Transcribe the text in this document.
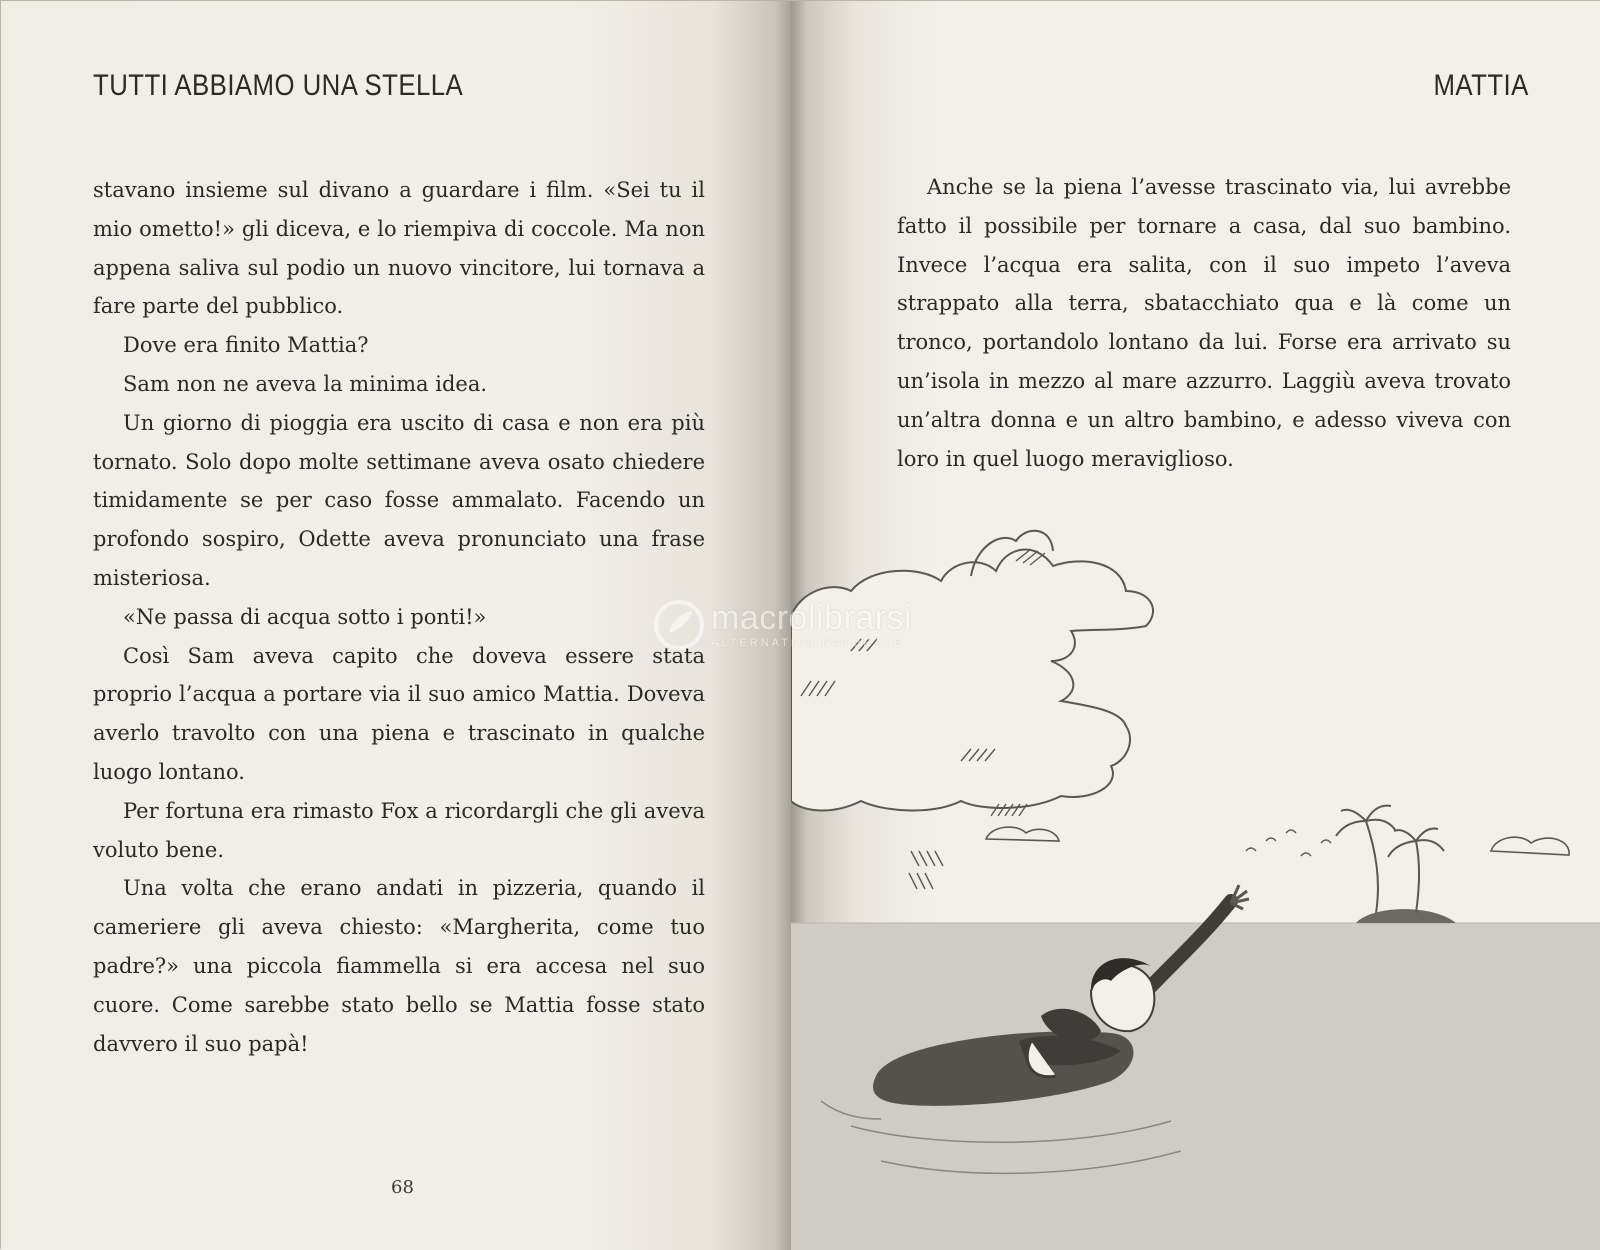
TUTTI ABBIAMO UNA STELLA

stavano insieme sul divano a guardare i film. «Sei tu il mio ometto!» gli diceva, e lo riempiva di coccole. Ma non appena saliva sul podio un nuovo vincitore, lui tornava a fare parte del pubblico.

Dove era finito Mattia?

Sam non ne aveva la minima idea.

Un giorno di pioggia era uscito di casa e non era più tornato. Solo dopo molte settimane aveva osato chiedere timidamente se per caso fosse ammalato. Facendo un profondo sospiro, Odette aveva pronunciato una frase misteriosa.

«Ne passa di acqua sotto i ponti!»

Così Sam aveva capito che doveva essere stata proprio l’acqua a portare via il suo amico Mattia. Doveva averlo travolto con una piena e trascinato in qualche luogo lontano.

Per fortuna era rimasto Fox a ricordargli che gli aveva voluto bene.

Una volta che erano andati in pizzeria, quando il cameriere gli aveva chiesto: «Margherita, come tuo padre?» una piccola fiammella si era accesa nel suo cuore. Come sarebbe stato bello se Mattia fosse stato davvero il suo papà!

68
MATTIA

Anche se la piena l’avesse trascinato via, lui avrebbe fatto il possibile per tornare a casa, dal suo bambino. Invece l’acqua era salita, con il suo impeto l’aveva strappato alla terra, sbatacchiato qua e là come un tronco, portandolo lontano da lui. Forse era arrivato su un’isola in mezzo al mare azzurro. Laggiù aveva trovato un’altra donna e un altro bambino, e adesso viveva con loro in quel luogo meraviglioso.

macrolibrarsi
ALTERNATIVA NATURALE
